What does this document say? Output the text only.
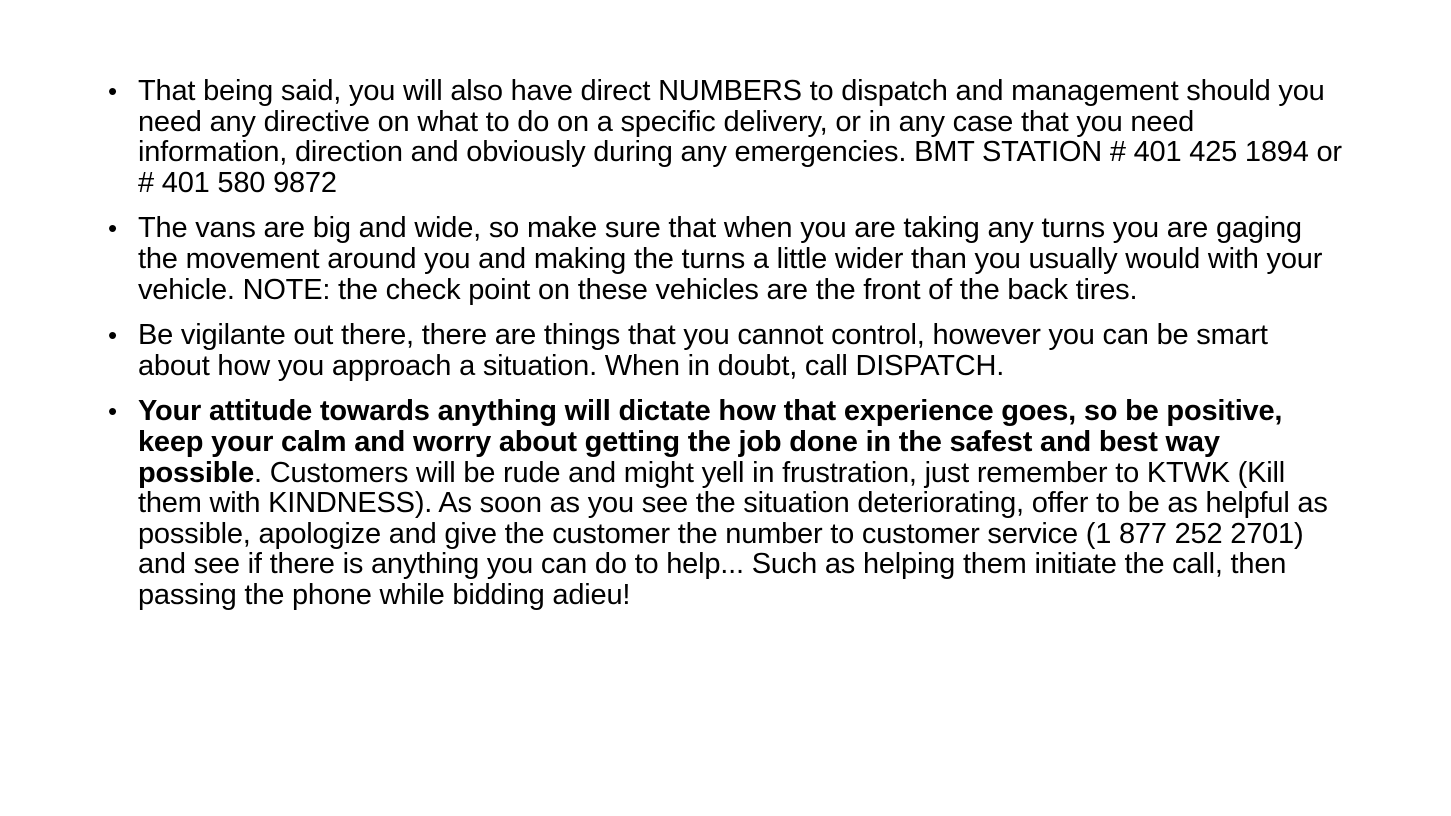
• That being said, you will also have direct NUMBERS to dispatch and management should you need any directive on what to do on a specific delivery, or in any case that you need information, direction and obviously during any emergencies. BMT STATION # 401 425 1894 or # 401 580 9872
• The vans are big and wide, so make sure that when you are taking any turns you are gaging the movement around you and making the turns a little wider than you usually would with your vehicle. NOTE: the check point on these vehicles are the front of the back tires.
• Be vigilante out there, there are things that you cannot control, however you can be smart about how you approach a situation. When in doubt, call DISPATCH.
• Your attitude towards anything will dictate how that experience goes, so be positive, keep your calm and worry about getting the job done in the safest and best way possible. Customers will be rude and might yell in frustration, just remember to KTWK (Kill them with KINDNESS). As soon as you see the situation deteriorating, offer to be as helpful as possible, apologize and give the customer the number to customer service (1 877 252 2701) and see if there is anything you can do to help... Such as helping them initiate the call, then passing the phone while bidding adieu!
